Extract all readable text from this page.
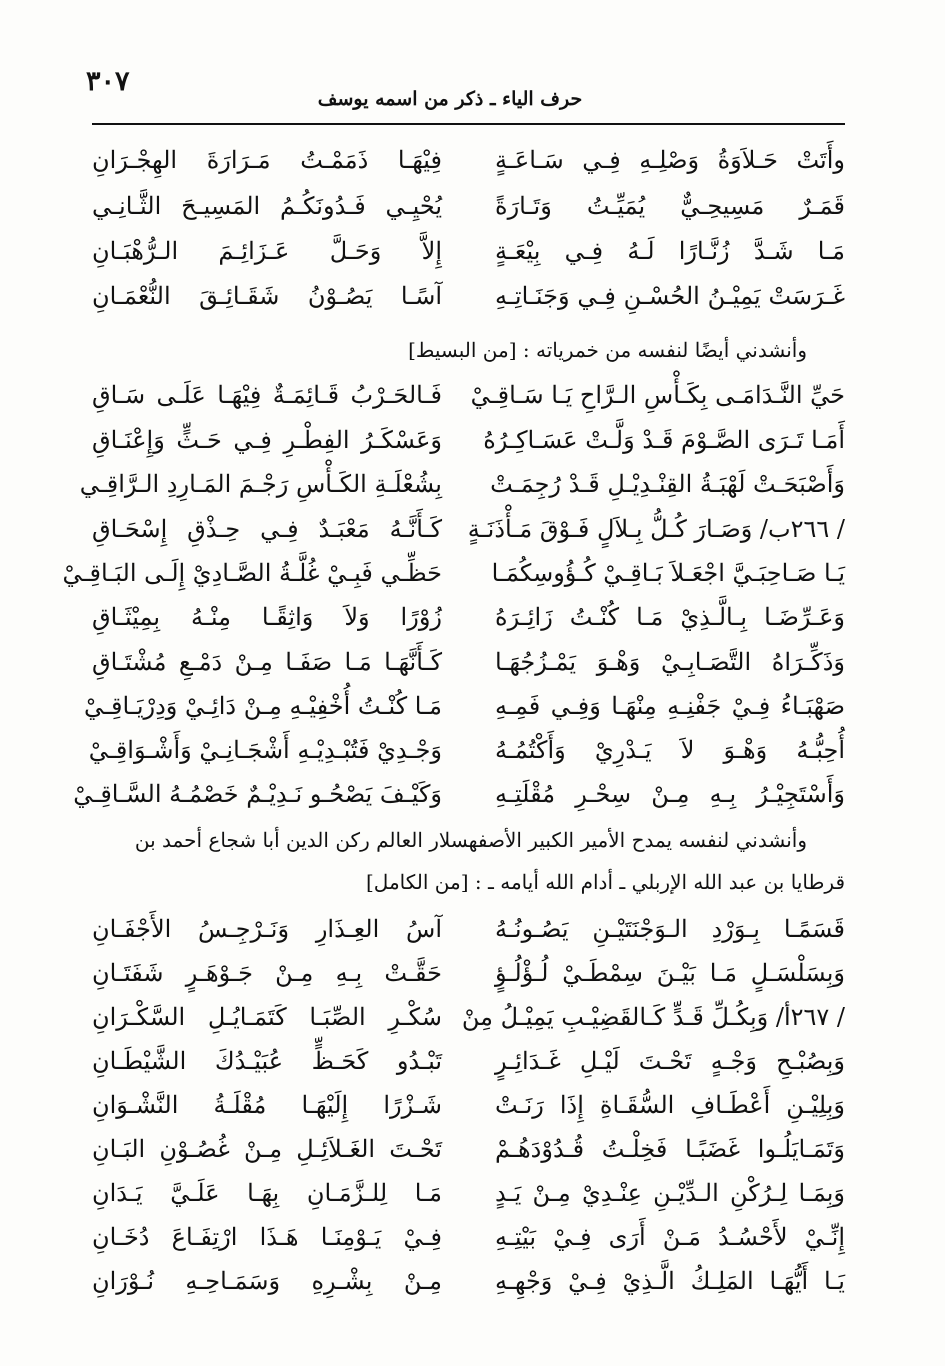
٣٠٧
حرف الياء ـ ذكر من اسمه يوسف
وأَتَتْ حَـلاَوَةُ وَصْلِـهِ فِـي سَـاعَـةٍ
فِيْهَـا ذَمَمْـتُ مَـرَارَةَ الهِجْـرَانِ
قَمَـرٌ مَسِيحِـيٌّ يُمَيِّـتُ وَتَـارَةً
يُحْيِـي فَـدُونَكُـمُ المَسِيـحَ الثَّـانِـي
مَـا شَـدَّ زُنَّـارًا لَـهُ فِـي بِيْعَـةٍ
إِلاَّ وَحَـلَّ عَـزَائِـمَ الـرُّهْبَـانِ
غَـرَسَتْ يَمِيْـنُ الحُسْـنِ فِـي وَجَنَـاتِـهِ
آسًـا يَصُـوْنُ شَقَـائِـقَ النُّعْمَـانِ
وأنشدني أيضًا لنفسه من خمرياته : [من البسيط]
حَيِّ النَّـدَامَـى بِكَـأْسِ الـرَّاحِ يَـا سَـاقِـيْ
فَـالحَـرْبُ قَـائِمَـةٌ فِيْهَـا عَلَـى سَـاقِ
أَمَـا تَـرَى الصَّـوْمَ قَـدْ وَلَّـتْ عَسَـاكِـرُهُ
وَعَسْكَـرُ الفِطْـرِ فِـي حَـثٍّ وَإِعْنَـاقِ
وَأَصْبَحَـتْ لَهْبَـةُ القِنْـدِيْـلِ قَـدْ رُجِمَـتْ
بِشُعْلَـةِ الكَـأْسِ رَجْـمَ المَـارِدِ الـرَّاقِـي
/ ٢٦٦ب/ وَصَـارَ كُـلُّ بِـلاَلٍ فَـوْقَ مَـأْذَنَـةٍ
كَـأَنَّـهُ مَعْبَـدٌ فِـي حِـذْقِ إِسْحَـاقِ
يَـا صَـاحِبَـيَّ اجْعَـلاَ بَـاقِـيْ كُـؤُوسِكُمَـا
حَظِّـي فَبِـيْ غُلَّـةُ الصَّـادِيْ إِلَـى البَـاقِـيْ
وَعَـرِّضَـا بِـالَّـذِيْ مَـا كُنْـتُ زَائِـرَهُ
زُوْرًا وَلاَ وَاثِقًـا مِنْـهُ بِمِيْثَـاقِ
وَذَكِّـرَاهُ التَّصَـابِـيْ وَهْـوَ يَمْـزُجُهَـا
كَـأَنَّهَـا مَـا صَفَـا مِـنْ دَمْـعِ مُشْتَـاقِ
صَهْبَـاءُ فِـيْ جَفْنِـهِ مِنْهَـا وَفِـي فَمِـهِ
مَـا كُنْـتُ أُخْفِيْـهِ مِـنْ دَائِـيْ وَدِرْيَـاقِـيْ
أُحِبُّـهُ وَهْـوَ لاَ يَـدْرِيْ وَأَكْتُمُـهُ
وَجْـدِيْ فَتُبْـدِيْـهِ أَشْجَـانِـيْ وَأَشْـوَاقِـيْ
وَأَسْتَجِيْـرُ بِـهِ مِـنْ سِحْـرِ مُقْلَتِـهِ
وَكَيْـفَ يَصْحُـو نَـدِيْـمٌ خَصْمُـهُ السَّـاقِـيْ
وأنشدني لنفسه يمدح الأمير الكبير الأصفهسلار العالم ركن الدين أبا شجاع أحمد بن
قرطايا بن عبد الله الإربلي ـ أدام الله أيامه ـ : [من الكامل]
قَسَمًـا بِـوَرْدِ الـوَجْنَتَيْـنِ يَصُـونُـهُ
آسُ العِـذَارِ وَنَـرْجِـسُ الأَجْفَـانِ
وَبِسَلْسَـلٍ مَـا بَيْـنَ سِمْطَـيْ لُـؤْلُـؤٍ
حَقَّـتْ بِـهِ مِـنْ جَـوْهَـرٍ شَفَتَـانِ
/ ٢٦٧أ/ وَبِكُـلِّ قَـدٍّ كَـالقَضِيْـبِ يَمِيْـلُ مِنْ
سُكْـرِ الصِّبَـا كَتَمَـايُـلِ السَّكْـرَانِ
وَبِصُبْـحِ وَجْـهٍ تَحْـتَ لَيْـلِ غَـدَائِـرٍ
تَبْـدُو كَحَـظٍّ عُبَيْـدُكَ الشَّيْطَـانِ
وَبِلِيْـنِ أَعْطَـافِ السُّقَـاةِ إِذَا رَنَـتْ
شَـزْرًا إِلَيْهَـا مُقْلَـةُ النَّشْـوَانِ
وَتَمَـايَلُـوا غَضَبًـا فَخِلْـتُ قُـدُوْدَهُـمْ
تَحْـتَ الغَـلاَئِـلِ مِـنْ غُصُـوْنِ البَـانِ
وَبِمَـا لِـرُكْنِ الـدِّيْـنِ عِنْـدِيْ مِـنْ يَـدٍ
مَـا لِلـزَّمَـانِ بِهَـا عَلَـيَّ يَـدَانِ
إِنِّـيْ لأَحْسُـدُ مَـنْ أَرَى فِـيْ بَيْتِـهِ
فِـيْ يَـوْمِنَـا هَـذَا ارْتِفَـاعَ دُخَـانِ
يَـا أَيُّهَـا المَلِـكُ الَّـذِيْ فِـيْ وَجْهِـهِ
مِـنْ بِشْـرِهِ وَسَمَـاحِـهِ نُـوْرَانِ
